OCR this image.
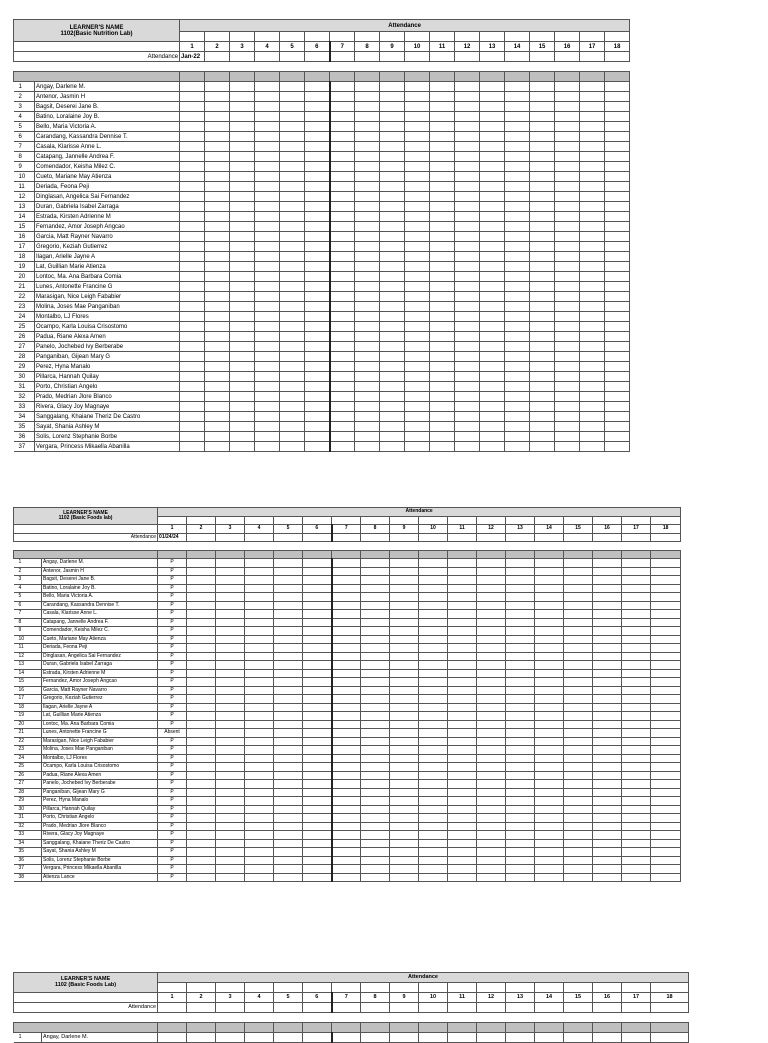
LEARNER'S NAME
1102(Basic Nutrition Lab)		Attendance																	

		1	2	3	4	5	6	7	8	9	10	11	12	13	14	15	16	17	18
Attendance		Jan-22																	

1	Angay, Darlene M.																		
2	Antenor, Jasmin H																		
3	Bagsit, Deserei Jane B.																		
4	Batino, Loralaine Joy B.																		
5	Bello, Maria Victoria A.																		
6	Carandang, Kassandra Dennise T.																		
7	Casala, Klarisse Anne L.																		
8	Catapang, Jannelle Andrea F.																		
9	Comendador, Keisha Milez C.																		
10	Cueto, Mariane May Atienza																		
11	Deriada, Feona Peji																		
12	Dinglasan, Angelica Sai Fernandez																		
13	Duran, Gabriela Isabel Zarraga																		
14	Estrada, Kirsten Adrienne M																		
15	Fernandez, Amor Joseph Angcao																		
16	Garcia, Matt Rayner Navarro																		
17	Gregorio, Keziah Gutierrez																		
18	Ilagan, Arielle Jayne A																		
19	Lat, Guillian Marie Atienza																		
20	Lontoc, Ma. Ana Barbara Comia																		
21	Lunes, Antonette Francine G																		
22	Marasigan, Nice Leigh Fababier																		
23	Molina, Joses Mae Panganiban																		
24	Montalbo, LJ Flores																		
25	Ocampo, Karla Louisa Crisostomo																		
26	Padua, Riane Alexa Amen																		
27	Panelo, Jochebed Ivy Berberabe																		
28	Panganiban, Gijean Mary G																		
29	Perez, Hyna Manalo																		
30	Pillarca, Hannah Quilay																		
31	Porto, Christian Angelo																		
32	Prado, Medrian Jlore Blanco																		
33	Rivera, Glacy Joy Magnaye																		
34	Sanggalang, Khaiane Theriz De Castro																		
35	Sayat, Shania Ashley M																		
36	Solis, Lorenz Stephanie Borbe																		
37	Vergara, Princess Mikaella Abanilla																		
LEARNER'S NAME
1102 (Basic Foods lab)		Attendance																	

		1	2	3	4	5	6	7	8	9	10	11	12	13	14	15	16	17	18
Attendance		01/24/24																	

1	Angay, Darlene M.	P																	
2	Antenor, Jasmin H	P																	
3	Bagsit, Deserei Jane B.	P																	
4	Batino, Loralaine Joy B.	P																	
5	Bello, Maria Victoria A.	P																	
6	Carandang, Kassandra Dennise T.	P																	
7	Casala, Klarisse Anne L.	P																	
8	Catapang, Jannelle Andrea F.	P																	
9	Comendador, Keisha Milez C.	P																	
10	Cueto, Mariane May Atienza	P																	
11	Deriada, Feona Peji	P																	
12	Dinglasan, Angelica Sai Fernandez	P																	
13	Duran, Gabriela Isabel Zarraga	P																	
14	Estrada, Kirsten Adrienne M	P																	
15	Fernandez, Amor Joseph Angcao	P																	
16	Garcia, Matt Rayner Navarro	P																	
17	Gregorio, Keziah Gutierrez	P																	
18	Ilagan, Arielle Jayne A	P																	
19	Lat, Guillian Marie Atienza	P																	
20	Lontoc, Ma. Ana Barbara Comia	P																	
21	Lunes, Antonette Francine G	Absent																	
22	Marasigan, Nice Leigh Fababier	P																	
23	Molina, Joses Mae Panganiban	P																	
24	Montalbo, LJ Flores	P																	
25	Ocampo, Karla Louisa Crisostomo	P																	
26	Padua, Riane Alexa Amen	P																	
27	Panelo, Jochebed Ivy Berberabe	P																	
28	Panganiban, Gijean Mary G	P																	
29	Perez, Hyna Manalo	P																	
30	Pillarca, Hannah Quilay	P																	
31	Porto, Christian Angelo	P																	
32	Prado, Medrian Jlore Blanco	P																	
33	Rivera, Glacy Joy Magnaye	P																	
34	Sanggalang, Khaiane Theriz De Castro	P																	
35	Sayat, Shania Ashley M	P																	
36	Solis, Lorenz Stephanie Borbe	P																	
37	Vergara, Princess Mikaella Abanilla	P																	
38	Atienza Lance	P																	
LEARNER'S NAME
1102 (Basic Foods Lab)		Attendance																	

		1	2	3	4	5	6	7	8	9	10	11	12	13	14	15	16	17	18
Attendance																			

1	Angay, Darlene M.																		
